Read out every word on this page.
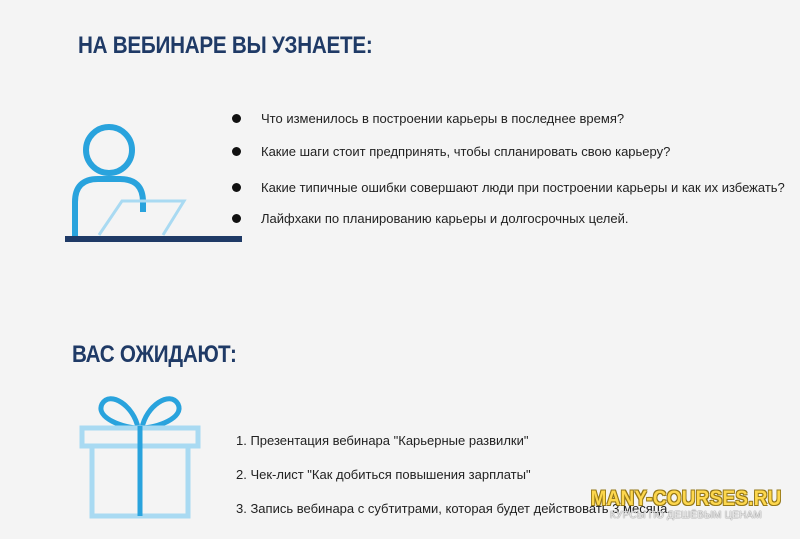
НА ВЕБИНАРЕ ВЫ УЗНАЕТЕ:
Что изменилось в построении карьеры в последнее время?
Какие шаги стоит предпринять, чтобы спланировать свою карьеру?
Какие типичные ошибки совершают люди при построении карьеры и как их избежать?
Лайфхаки по планированию карьеры и долгосрочных целей.
ВАС ОЖИДАЮТ:
1. Презентация вебинара "Карьерные развилки"
2. Чек-лист "Как добиться повышения зарплаты"
3. Запись вебинара с субтитрами, которая будет действовать 3 месяца.
MANY-COURSES.RU
КУРСЫ ПО ДЕШЁВЫМ ЦЕНАМ
